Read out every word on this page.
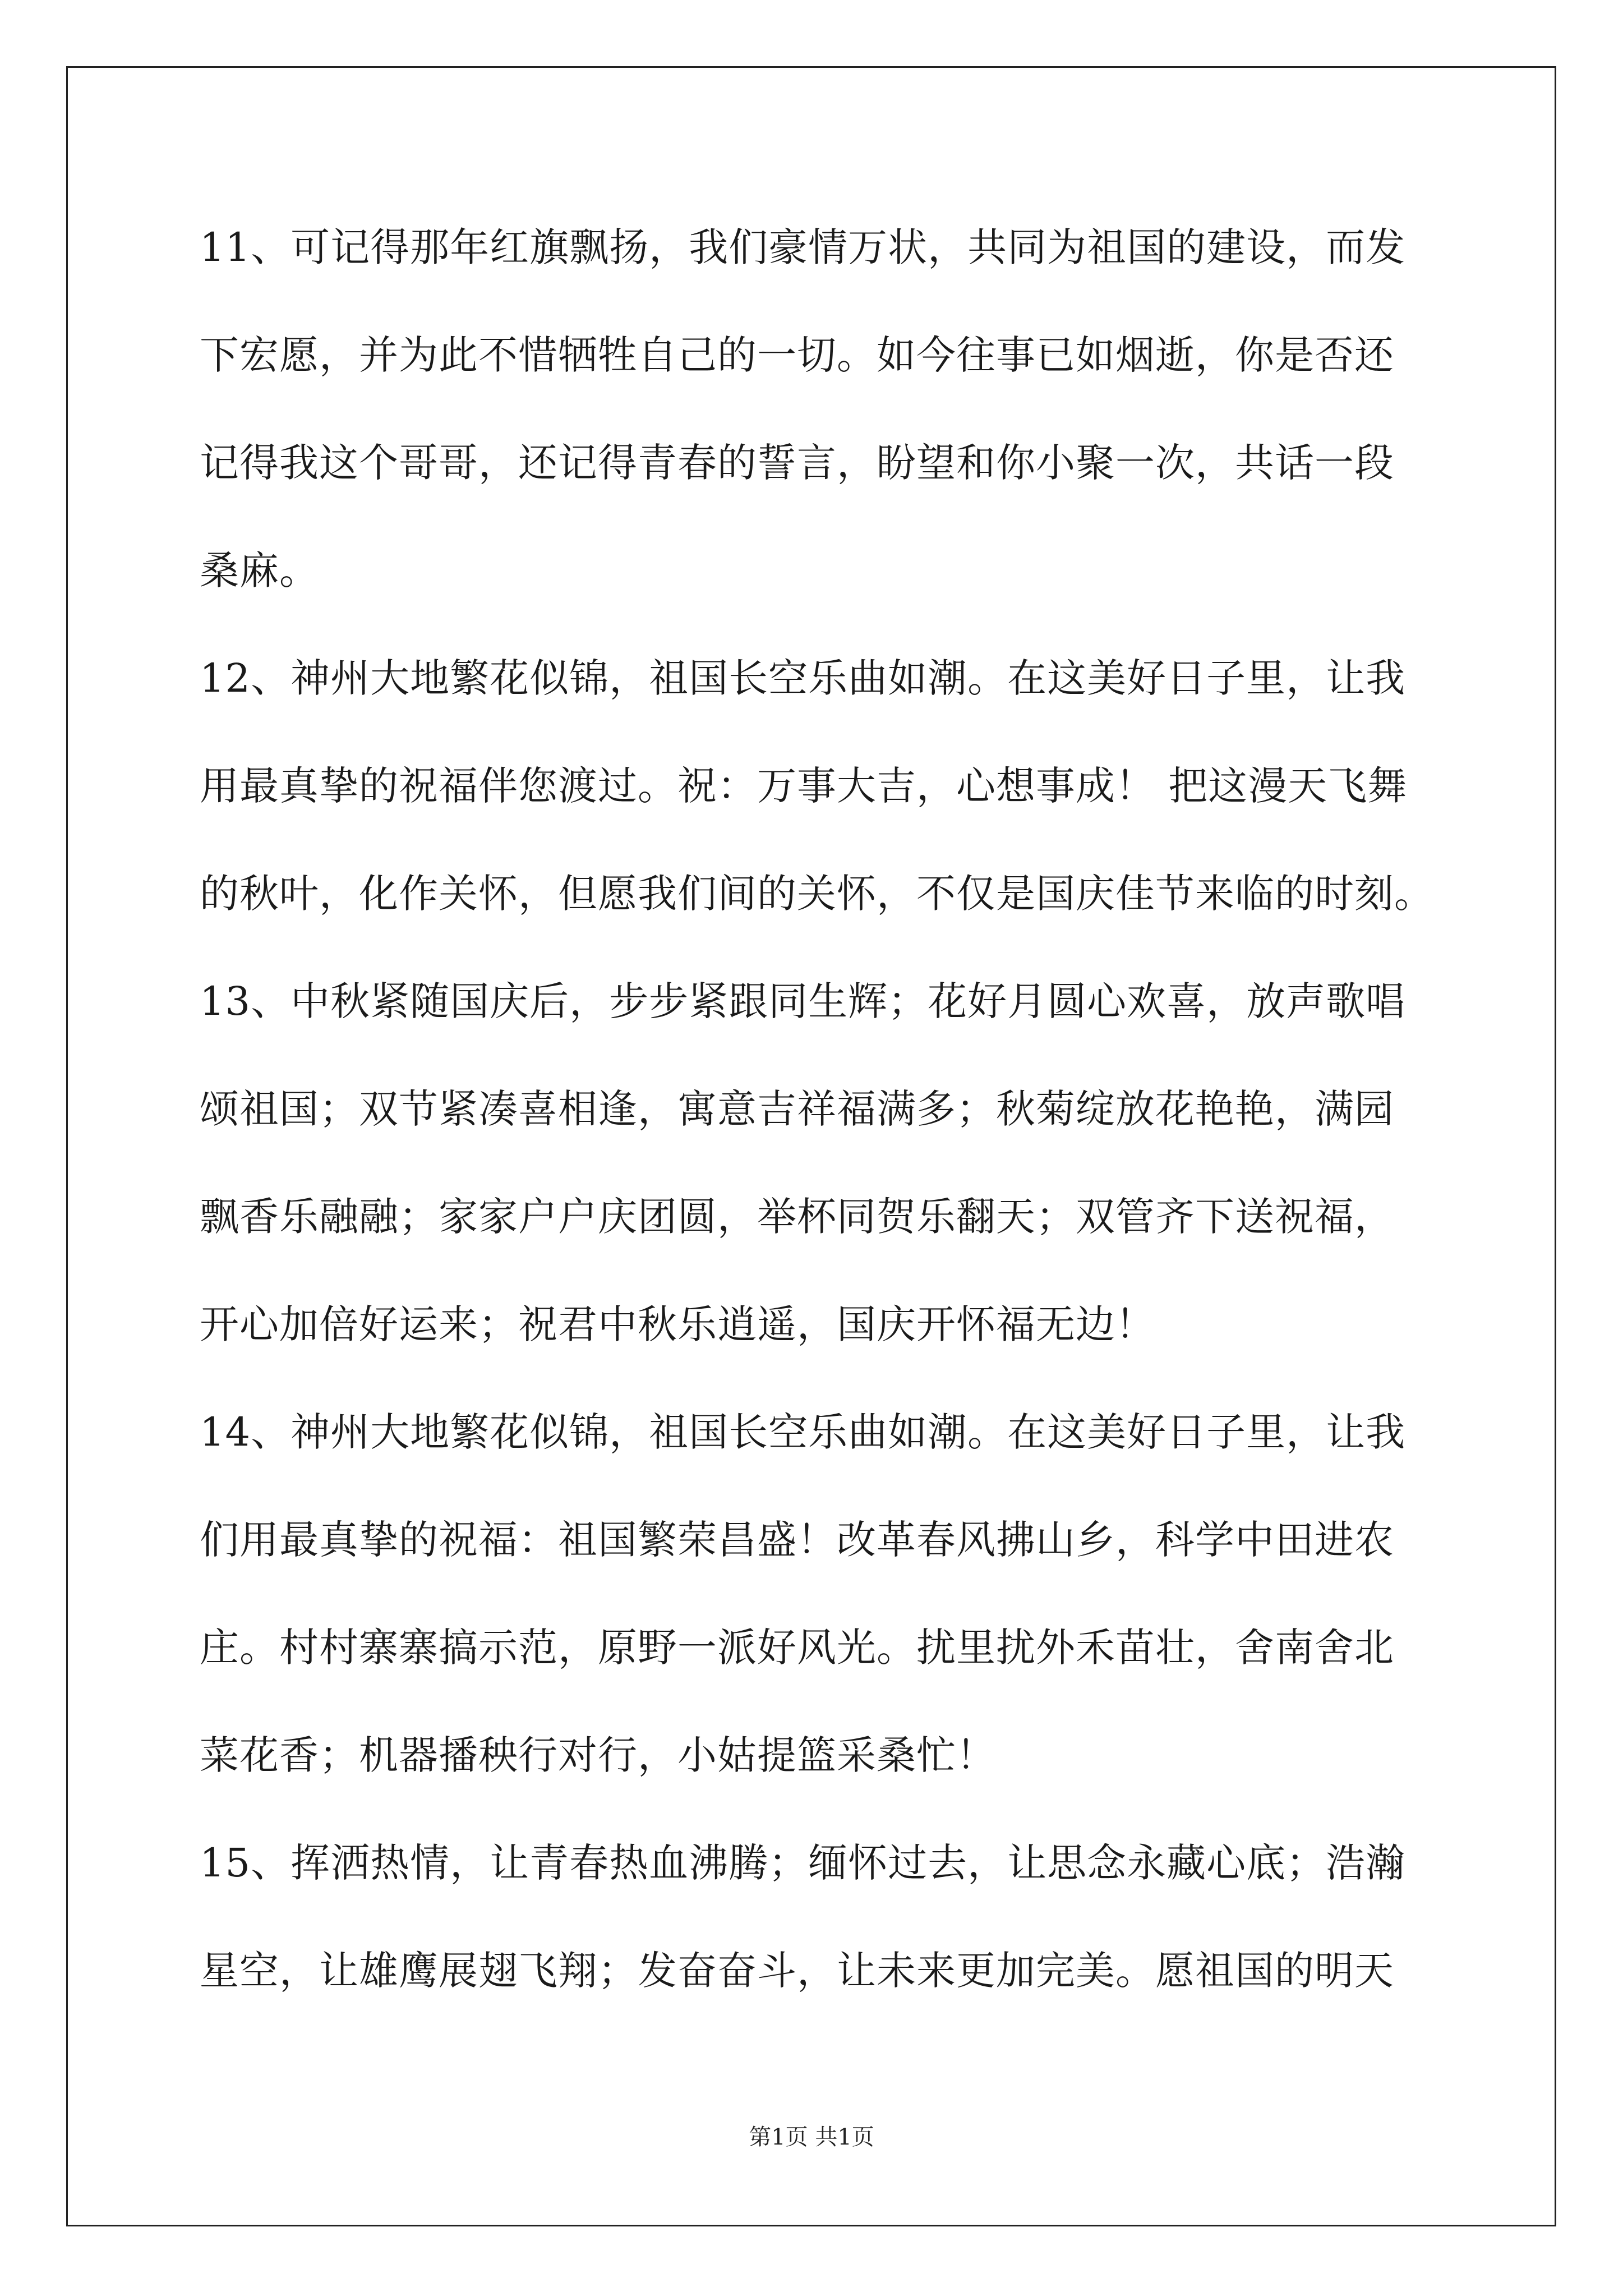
11、可记得那年红旗飘扬，我们豪情万状，共同为祖国的建设，而发
下宏愿，并为此不惜牺牲自己的一切。如今往事已如烟逝，你是否还
记得我这个哥哥，还记得青春的誓言，盼望和你小聚一次，共话一段
桑麻。
12、神州大地繁花似锦，祖国长空乐曲如潮。在这美好日子里，让我
用最真挚的祝福伴您渡过。祝：万事大吉，心想事成！ 把这漫天飞舞
的秋叶，化作关怀，但愿我们间的关怀，不仅是国庆佳节来临的时刻。
13、中秋紧随国庆后，步步紧跟同生辉；花好月圆心欢喜，放声歌唱
颂祖国；双节紧凑喜相逢，寓意吉祥福满多；秋菊绽放花艳艳，满园
飘香乐融融；家家户户庆团圆，举杯同贺乐翻天；双管齐下送祝福，
开心加倍好运来；祝君中秋乐逍遥，国庆开怀福无边！
14、神州大地繁花似锦，祖国长空乐曲如潮。在这美好日子里，让我
们用最真挚的祝福：祖国繁荣昌盛！改革春风拂山乡，科学中田进农
庄。村村寨寨搞示范，原野一派好风光。扰里扰外禾苗壮，舍南舍北
菜花香；机器播秧行对行，小姑提篮采桑忙！
15、挥洒热情，让青春热血沸腾；缅怀过去，让思念永藏心底；浩瀚
星空，让雄鹰展翅飞翔；发奋奋斗，让未来更加完美。愿祖国的明天
第1页 共1页
